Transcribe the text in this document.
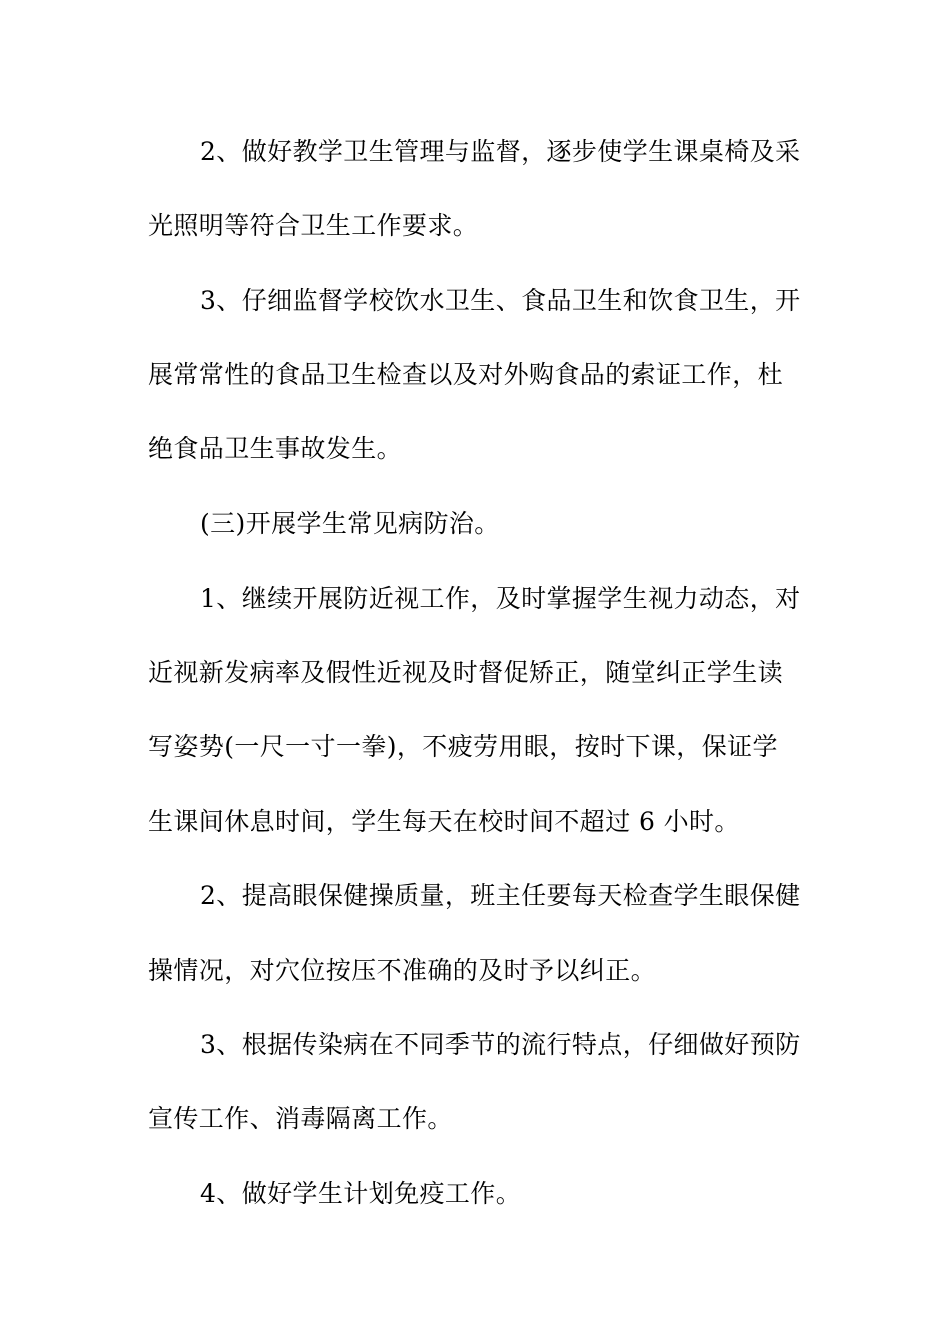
2、做好教学卫生管理与监督，逐步使学生课桌椅及采
光照明等符合卫生工作要求。
3、仔细监督学校饮水卫生、食品卫生和饮食卫生，开
展常常性的食品卫生检查以及对外购食品的索证工作，杜
绝食品卫生事故发生。
(三)开展学生常见病防治。
1、继续开展防近视工作，及时掌握学生视力动态，对
近视新发病率及假性近视及时督促矫正，随堂纠正学生读
写姿势(一尺一寸一拳)，不疲劳用眼，按时下课，保证学
生课间休息时间，学生每天在校时间不超过 6 小时。
2、提高眼保健操质量，班主任要每天检查学生眼保健
操情况，对穴位按压不准确的及时予以纠正。
3、根据传染病在不同季节的流行特点，仔细做好预防
宣传工作、消毒隔离工作。
4、做好学生计划免疫工作。
